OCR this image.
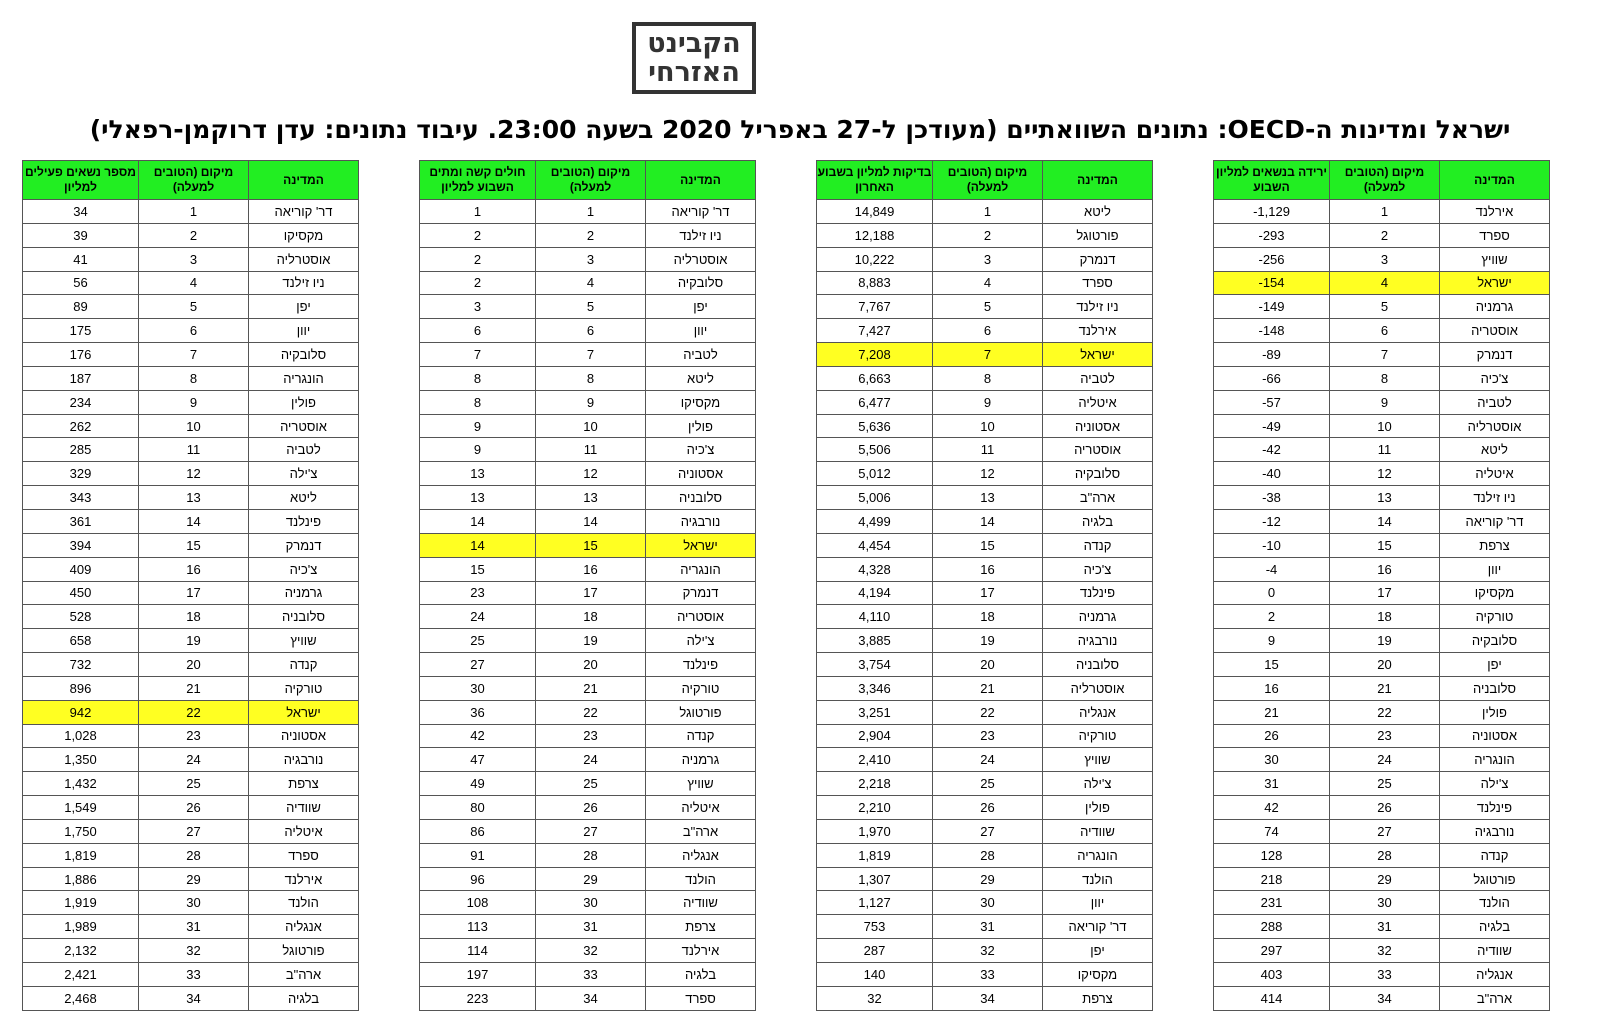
הקבינט
האזרחי
ישראל ומדינות ה-OECD: נתונים השוואתיים (מעודכן ל-27 באפריל 2020 בשעה 23:00. עיבוד נתונים: עדן דרוקמן-רפאלי)
המדינה	מיקום (הטובים למעלה)	ירידה בנשאים למליון השבוע
אירלנד	1	-1,129
ספרד	2	-293
שוויץ	3	-256
ישראל	4	-154
גרמניה	5	-149
אוסטריה	6	-148
דנמרק	7	-89
צ'כיה	8	-66
לטביה	9	-57
אוסטרליה	10	-49
ליטא	11	-42
איטליה	12	-40
ניו זילנד	13	-38
דר' קוריאה	14	-12
צרפת	15	-10
יוון	16	-4
מקסיקו	17	0
טורקיה	18	2
סלובקיה	19	9
יפן	20	15
סלובניה	21	16
פולין	22	21
אסטוניה	23	26
הונגריה	24	30
צ'ילה	25	31
פינלנד	26	42
נורבגיה	27	74
קנדה	28	128
פורטוגל	29	218
הולנד	30	231
בלגיה	31	288
שוודיה	32	297
אנגליה	33	403
ארה"ב	34	414
המדינה	מיקום (הטובים למעלה)	בדיקות למליון בשבוע האחרון
ליטא	1	14,849
פורטוגל	2	12,188
דנמרק	3	10,222
ספרד	4	8,883
ניו זילנד	5	7,767
אירלנד	6	7,427
ישראל	7	7,208
לטביה	8	6,663
איטליה	9	6,477
אסטוניה	10	5,636
אוסטריה	11	5,506
סלובקיה	12	5,012
ארה"ב	13	5,006
בלגיה	14	4,499
קנדה	15	4,454
צ'כיה	16	4,328
פינלנד	17	4,194
גרמניה	18	4,110
נורבגיה	19	3,885
סלובניה	20	3,754
אוסטרליה	21	3,346
אנגליה	22	3,251
טורקיה	23	2,904
שוויץ	24	2,410
צ'ילה	25	2,218
פולין	26	2,210
שוודיה	27	1,970
הונגריה	28	1,819
הולנד	29	1,307
יוון	30	1,127
דר' קוריאה	31	753
יפן	32	287
מקסיקו	33	140
צרפת	34	32
המדינה	מיקום (הטובים למעלה)	חולים קשה ומתים השבוע למליון
דר' קוריאה	1	1
ניו זילנד	2	2
אוסטרליה	3	2
סלובקיה	4	2
יפן	5	3
יוון	6	6
לטביה	7	7
ליטא	8	8
מקסיקו	9	8
פולין	10	9
צ'כיה	11	9
אסטוניה	12	13
סלובניה	13	13
נורבגיה	14	14
ישראל	15	14
הונגריה	16	15
דנמרק	17	23
אוסטריה	18	24
צ'ילה	19	25
פינלנד	20	27
טורקיה	21	30
פורטוגל	22	36
קנדה	23	42
גרמניה	24	47
שוויץ	25	49
איטליה	26	80
ארה"ב	27	86
אנגליה	28	91
הולנד	29	96
שוודיה	30	108
צרפת	31	113
אירלנד	32	114
בלגיה	33	197
ספרד	34	223
המדינה	מיקום (הטובים למעלה)	מספר נשאים פעילים למליון
דר' קוריאה	1	34
מקסיקו	2	39
אוסטרליה	3	41
ניו זילנד	4	56
יפן	5	89
יוון	6	175
סלובקיה	7	176
הונגריה	8	187
פולין	9	234
אוסטריה	10	262
לטביה	11	285
צ'ילה	12	329
ליטא	13	343
פינלנד	14	361
דנמרק	15	394
צ'כיה	16	409
גרמניה	17	450
סלובניה	18	528
שוויץ	19	658
קנדה	20	732
טורקיה	21	896
ישראל	22	942
אסטוניה	23	1,028
נורבגיה	24	1,350
צרפת	25	1,432
שוודיה	26	1,549
איטליה	27	1,750
ספרד	28	1,819
אירלנד	29	1,886
הולנד	30	1,919
אנגליה	31	1,989
פורטוגל	32	2,132
ארה"ב	33	2,421
בלגיה	34	2,468
